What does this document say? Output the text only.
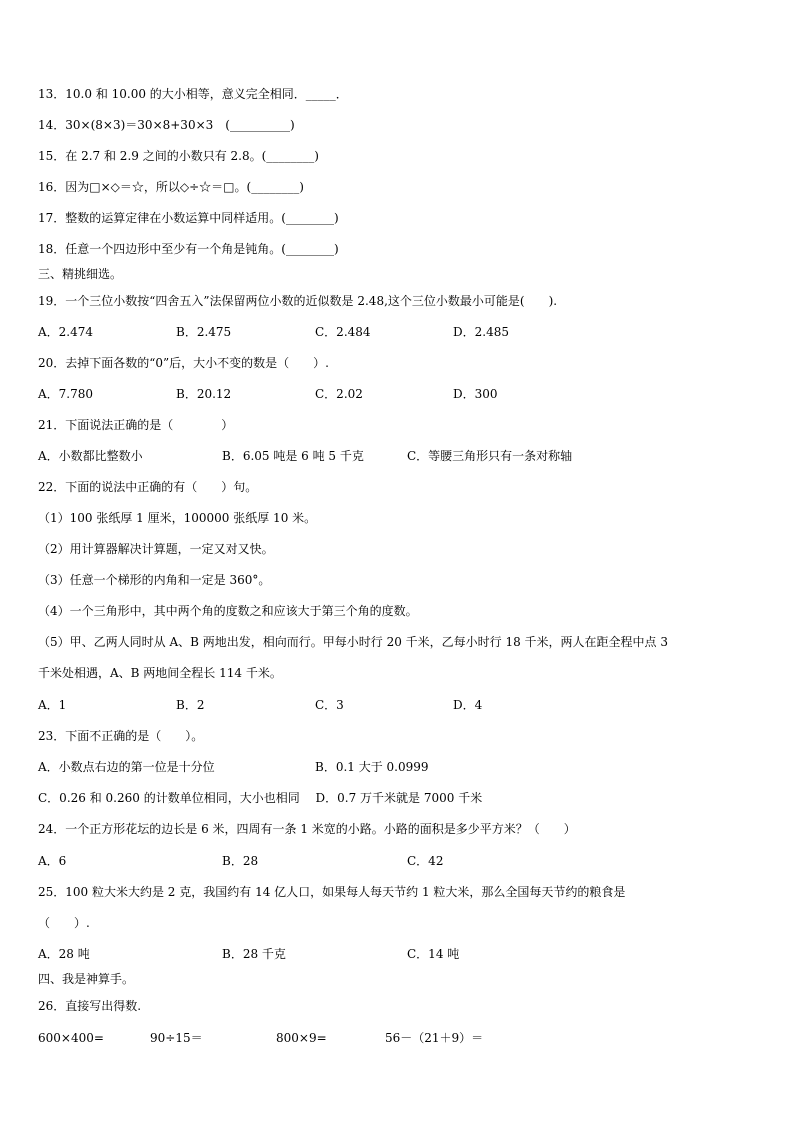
13．10.0 和 10.00 的大小相等，意义完全相同．_____．
14．30×(8×3)＝30×8+30×3　(__________)
15．在 2.7 和 2.9 之间的小数只有 2.8。(________)
16．因为□×◇＝☆，所以◇÷☆＝□。(________)
17．整数的运算定律在小数运算中同样适用。(________)
18．任意一个四边形中至少有一个角是钝角。(________)
三、精挑细选。
19．一个三位小数按“四舍五入”法保留两位小数的近似数是 2.48,这个三位小数最小可能是(　　).
A．2.474	B．2.475	C．2.484	D．2.485
20．去掉下面各数的“0”后，大小不变的数是（　　）.
A．7.780	B．20.12	C．2.02	D．300
21．下面说法正确的是（　　　　）
A．小数都比整数小	B．6.05 吨是 6 吨 5 千克	C．等腰三角形只有一条对称轴
22．下面的说法中正确的有（　　）句。
（1）100 张纸厚 1 厘米，100000 张纸厚 10 米。
（2）用计算器解决计算题，一定又对又快。
（3）任意一个梯形的内角和一定是 360°。
（4）一个三角形中，其中两个角的度数之和应该大于第三个角的度数。
（5）甲、乙两人同时从 A、B 两地出发，相向而行。甲每小时行 20 千米，乙每小时行 18 千米，两人在距全程中点 3
千米处相遇，A、B 两地间全程长 114 千米。
A．1	B．2	C．3	D．4
23．下面不正确的是（　　）。
A．小数点右边的第一位是十分位	B．0.1 大于 0.0999
C．0.26 和 0.260 的计数单位相同，大小也相同　 D．0.7 万千米就是 7000 千米
24．一个正方形花坛的边长是 6 米，四周有一条 1 米宽的小路。小路的面积是多少平方米？（　　）
A．6	B．28	C．42
25．100 粒大米大约是 2 克，我国约有 14 亿人口，如果每人每天节约 1 粒大米，那么全国每天节约的粮食是
（　　）.
A．28 吨	B．28 千克	C．14 吨
四、我是神算手。
26．直接写出得数.
600×400=	90÷15＝	800×9=	56－（21＋9）＝
